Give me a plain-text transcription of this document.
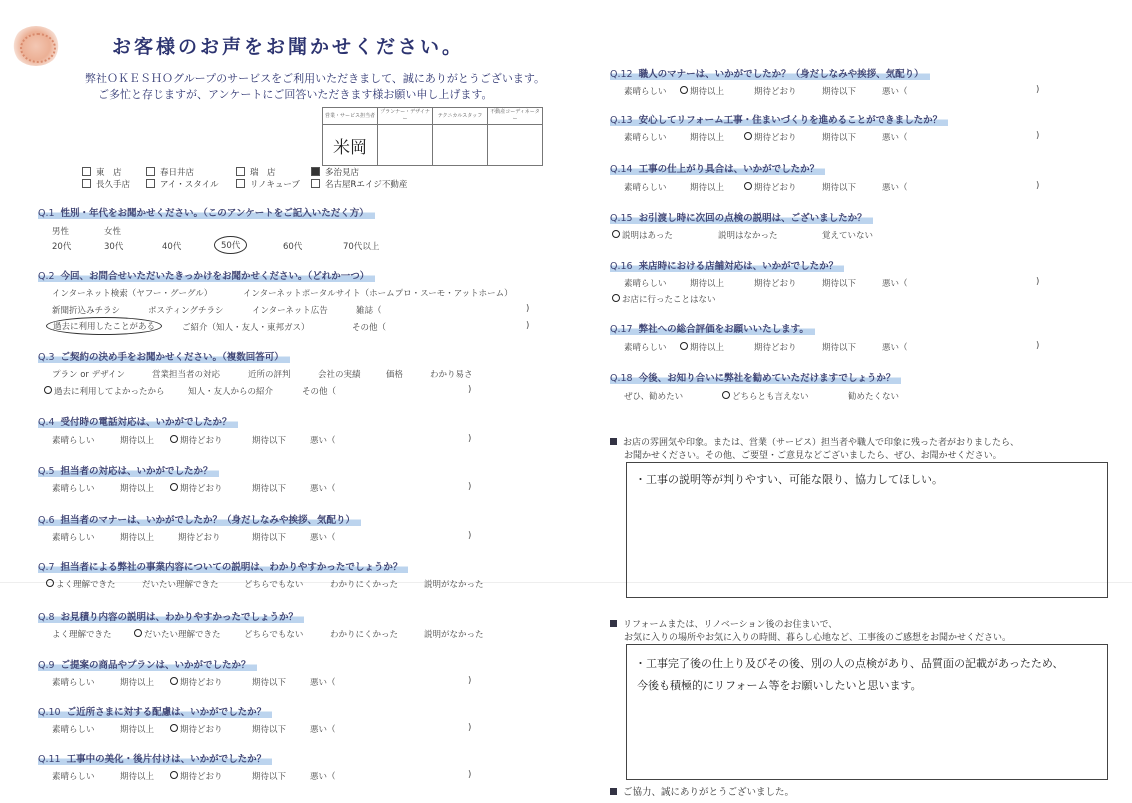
お客様のお声をお聞かせください。
弊社ＯＫＥＳＨＯグループのサービスをご利用いただきまして、誠にありがとうございます。
ご多忙と存じますが、アンケートにご回答いただきます様お願い申し上げます。
営業・サービス担当者	プランナー・デザイナー	テクニカルスタッフ	不動産コーディネーター
米岡			
東　店	春日井店	瑞　店	多治見店
長久手店	アイ・スタイル	リノキューブ	名古屋Rエイジ不動産
Q.1 性別・年代をお聞かせください。（このアンケートをご記入いただく方）
男性	女性
20代	30代	40代	50代	60代	70代以上
Q.2 今回、お問合せいただいたきっかけをお聞かせください。（どれか一つ）
インターネット検索（ヤフー・グーグル）	インターネットポータルサイト（ホームプロ・スーモ・アットホーム）
新聞折込みチラシ	ポスティングチラシ	インターネット広告	雑誌（	)
過去に利用したことがある	ご紹介（知人・友人・東邦ガス）	その他（	)
Q.3 ご契約の決め手をお聞かせください。（複数回答可）
プラン or デザイン	営業担当者の対応	近所の評判	会社の実績	価格	わかり易さ
過去に利用してよかったから	知人・友人からの紹介	その他（	)
Q.4 受付時の電話対応は、いかがでしたか？
素晴らしい	期待以上	期待どおり	期待以下	悪い（	)
Q.5 担当者の対応は、いかがでしたか？
素晴らしい	期待以上	期待どおり	期待以下	悪い（	)
Q.6 担当者のマナーは、いかがでしたか？（身だしなみや挨拶、気配り）
素晴らしい	期待以上	期待どおり	期待以下	悪い（	)
Q.7 担当者による弊社の事業内容についての説明は、わかりやすかったでしょうか？
よく理解できた	だいたい理解できた	どちらでもない	わかりにくかった	説明がなかった
Q.8 お見積り内容の説明は、わかりやすかったでしょうか？
よく理解できた	だいたい理解できた	どちらでもない	わかりにくかった	説明がなかった
Q.9 ご提案の商品やプランは、いかがでしたか？
素晴らしい	期待以上	期待どおり	期待以下	悪い（	)
Q.10 ご近所さまに対する配慮は、いかがでしたか？
素晴らしい	期待以上	期待どおり	期待以下	悪い（	)
Q.11 工事中の美化・後片付けは、いかがでしたか？
素晴らしい	期待以上	期待どおり	期待以下	悪い（	)
Q.12 職人のマナーは、いかがでしたか？（身だしなみや挨拶、気配り）
素晴らしい	期待以上	期待どおり	期待以下	悪い（	)
Q.13 安心してリフォーム工事・住まいづくりを進めることができましたか？
素晴らしい	期待以上	期待どおり	期待以下	悪い（	)
Q.14 工事の仕上がり具合は、いかがでしたか？
素晴らしい	期待以上	期待どおり	期待以下	悪い（	)
Q.15 お引渡し時に次回の点検の説明は、ございましたか？
説明はあった	説明はなかった	覚えていない
Q.16 来店時における店舗対応は、いかがでしたか？
素晴らしい	期待以上	期待どおり	期待以下	悪い（	)
お店に行ったことはない
Q.17 弊社への総合評価をお願いいたします。
素晴らしい	期待以上	期待どおり	期待以下	悪い（	)
Q.18 今後、お知り合いに弊社を勧めていただけますでしょうか？
ぜひ、勧めたい	どちらとも言えない	勧めたくない
お店の雰囲気や印象。または、営業（サービス）担当者や職人で印象に残った者がおりましたら、
お聞かせください。その他、ご要望・ご意見などございましたら、ぜひ、お聞かせください。
・工事の説明等が判りやすい、可能な限り、協力してほしい。
リフォームまたは、リノベーション後のお住まいで、
お気に入りの場所やお気に入りの時間、暮らし心地など、工事後のご感想をお聞かせください。
・工事完了後の仕上り及びその後、別の人の点検があり、品質面の記載があったため、
今後も積極的にリフォーム等をお願いしたいと思います。
ご協力、誠にありがとうございました。
